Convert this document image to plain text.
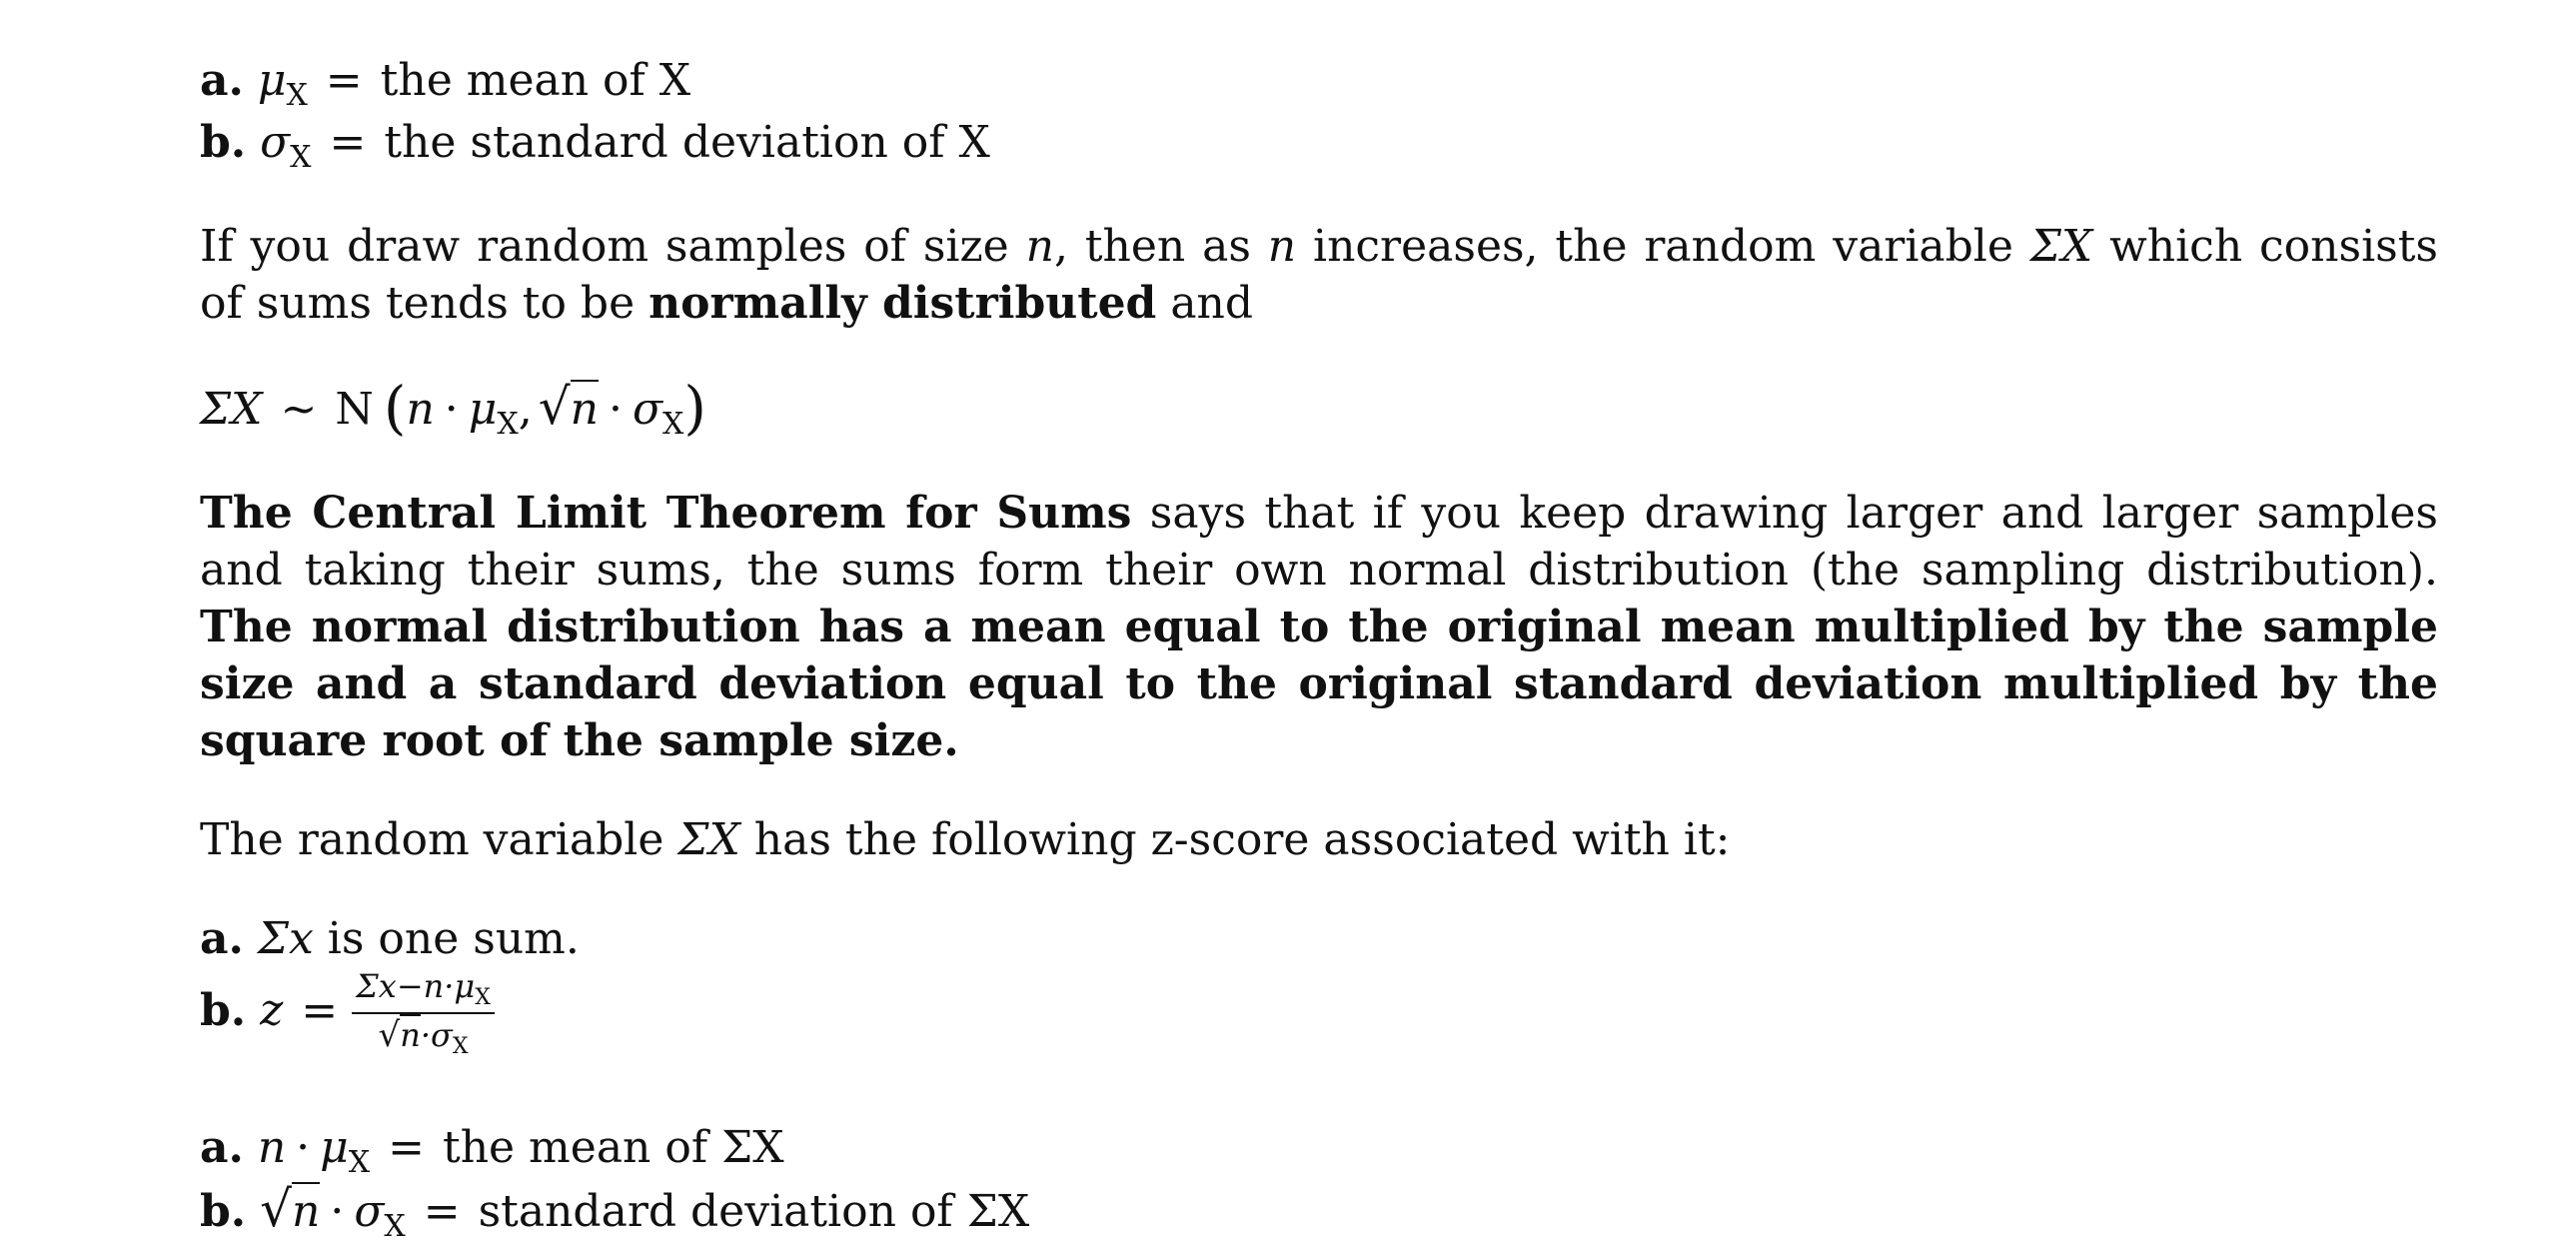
a. $\mu_X$ = the mean of X
b. $\sigma_X$ = the standard deviation of X

If you draw random samples of size n, then as n increases, the random variable ΣX which consists of sums tends to be normally distributed and

ΣX ∼ N ($n \cdot \mu_X$, $√n \cdot \sigma_X$)

The Central Limit Theorem for Sums says that if you keep drawing larger and larger samples and taking their sums, the sums form their own normal distribution (the sampling distribution). The normal distribution has a mean equal to the original mean multiplied by the sample size and a standard deviation equal to the original standard deviation multiplied by the square root of the sample size.

The random variable ΣX has the following z-score associated with it:

a. Σx is one sum.
b. $z = \frac{\Sigma x-n\cdot\mu_X}{√n\cdot\sigma_X}$
a. $n \cdot \mu_X$ = the mean of ΣX
b. $√n \cdot \sigma_X$ = standard deviation of ΣX
